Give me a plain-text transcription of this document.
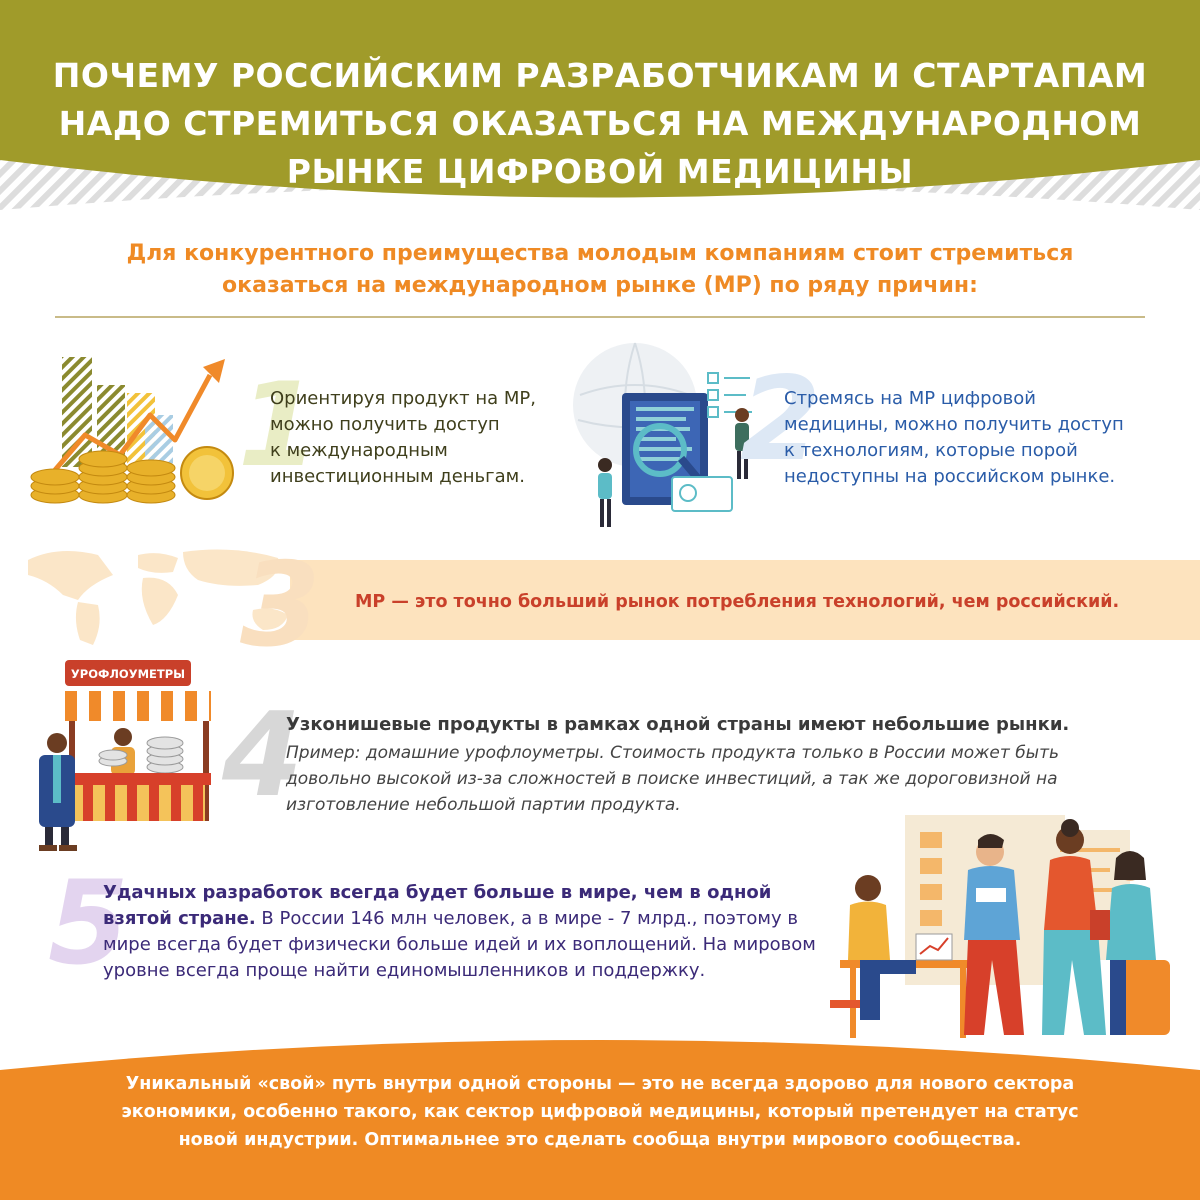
ПОЧЕМУ РОССИЙСКИМ РАЗРАБОТЧИКАМ И СТАРТАПАМ
НАДО СТРЕМИТЬСЯ ОКАЗАТЬСЯ НА МЕЖДУНАРОДНОМ
РЫНКЕ ЦИФРОВОЙ МЕДИЦИНЫ
Для конкурентного преимущества молодым компаниям стоит стремиться
оказаться на международном рынке (МР) по ряду причин:
1
Ориентируя продукт на МР,
можно получить доступ
к международным
инвестиционным деньгам.	2
Стремясь на МР цифровой
медицины, можно получить доступ
к технологиям, которые порой
недоступны на российском рынке.
3 МР — это точно больший рынок потребления технологий, чем российский.
УРОФЛОУМЕТРЫ
4
Узконишевые продукты в рамках одной страны имеют небольшие рынки.
Пример: домашние урофлоуметры. Стоимость продукта только в России может быть
довольно высокой из-за сложностей в поиске инвестиций, а так же дороговизной на
изготовление небольшой партии продукта.
5
Удачных разработок всегда будет больше в мире, чем в одной взятой стране. В России 146 млн человек, а в мире - 7 млрд., поэтому в мире всегда будет физически больше идей и их воплощений. На мировом уровне всегда проще найти единомышленников и поддержку.
Уникальный «свой» путь внутри одной стороны — это не всегда здорово для нового сектора
экономики, особенно такого, как сектор цифровой медицины, который претендует на статус
новой индустрии. Оптимальнее это сделать сообща внутри мирового сообщества.
